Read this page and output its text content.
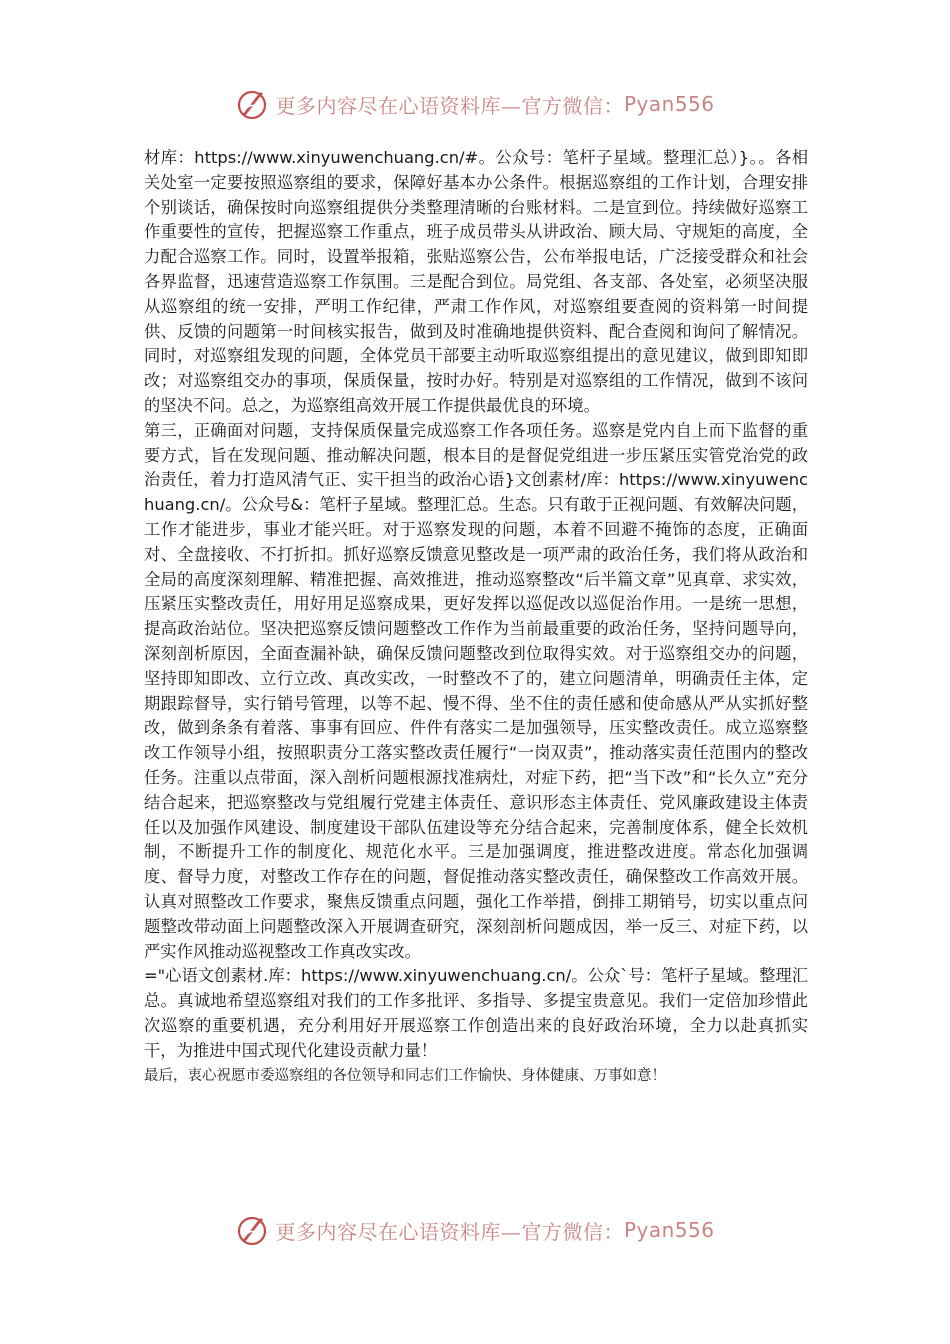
更多内容尽在心语资料库—官方微信： Pyan556

材库：https://www.xinyuwenchuang.cn/#。公众号：笔杆子星域。整理汇总）}。。各相关处室一定要按照巡察组的要求，保障好基本办公条件。根据巡察组的工作计划，合理安排个别谈话，确保按时向巡察组提供分类整理清晰的台账材料。二是宣到位。持续做好巡察工作重要性的宣传，把握巡察工作重点，班子成员带头从讲政治、顾大局、守规矩的高度，全力配合巡察工作。同时，设置举报箱，张贴巡察公告，公布举报电话，广泛接受群众和社会各界监督，迅速营造巡察工作氛围。三是配合到位。局党组、各支部、各处室，必须坚决服从巡察组的统一安排，严明工作纪律，严肃工作作风，对巡察组要查阅的资料第一时间提供、反馈的问题第一时间核实报告，做到及时准确地提供资料、配合查阅和询问了解情况。同时，对巡察组发现的问题，全体党员干部要主动听取巡察组提出的意见建议，做到即知即改；对巡察组交办的事项，保质保量，按时办好。特别是对巡察组的工作情况，做到不该问的坚决不问。总之，为巡察组高效开展工作提供最优良的环境。

第三，正确面对问题，支持保质保量完成巡察工作各项任务。巡察是党内自上而下监督的重要方式，旨在发现问题、推动解决问题，根本目的是督促党组进一步压紧压实管党治党的政治责任，着力打造风清气正、实干担当的政治心语}文创素材/库：https://www.xinyuwenchuang.cn/。公众号&：笔杆子星域。整理汇总。生态。只有敢于正视问题、有效解决问题，工作才能进步，事业才能兴旺。对于巡察发现的问题，本着不回避不掩饰的态度，正确面对、全盘接收、不打折扣。抓好巡察反馈意见整改是一项严肃的政治任务，我们将从政治和全局的高度深刻理解、精准把握、高效推进，推动巡察整改“后半篇文章”见真章、求实效，压紧压实整改责任，用好用足巡察成果，更好发挥以巡促改以巡促治作用。一是统一思想，提高政治站位。坚决把巡察反馈问题整改工作作为当前最重要的政治任务，坚持问题导向，深刻剖析原因，全面查漏补缺，确保反馈问题整改到位取得实效。对于巡察组交办的问题，坚持即知即改、立行立改、真改实改，一时整改不了的，建立问题清单，明确责任主体，定期跟踪督导，实行销号管理，以等不起、慢不得、坐不住的责任感和使命感从严从实抓好整改，做到条条有着落、事事有回应、件件有落实二是加强领导，压实整改责任。成立巡察整改工作领导小组，按照职责分工落实整改责任履行“一岗双责”，推动落实责任范围内的整改任务。注重以点带面，深入剖析问题根源找准病灶，对症下药，把“当下改”和“长久立”充分结合起来，把巡察整改与党组履行党建主体责任、意识形态主体责任、党风廉政建设主体责任以及加强作风建设、制度建设干部队伍建设等充分结合起来，完善制度体系，健全长效机制，不断提升工作的制度化、规范化水平。三是加强调度，推进整改进度。常态化加强调度、督导力度，对整改工作存在的问题，督促推动落实整改责任，确保整改工作高效开展。认真对照整改工作要求，聚焦反馈重点问题，强化工作举措，倒排工期销号，切实以重点问题整改带动面上问题整改深入开展调查研究，深刻剖析问题成因，举一反三、对症下药，以严实作风推动巡视整改工作真改实改。

="心语文创素材.库：https://www.xinyuwenchuang.cn/。公众`号：笔杆子星域。整理汇总。真诚地希望巡察组对我们的工作多批评、多指导、多提宝贵意见。我们一定倍加珍惜此次巡察的重要机遇，充分利用好开展巡察工作创造出来的良好政治环境，全力以赴真抓实干，为推进中国式现代化建设贡献力量！

最后，衷心祝愿市委巡察组的各位领导和同志们工作愉快、身体健康、万事如意！

更多内容尽在心语资料库—官方微信： Pyan556
